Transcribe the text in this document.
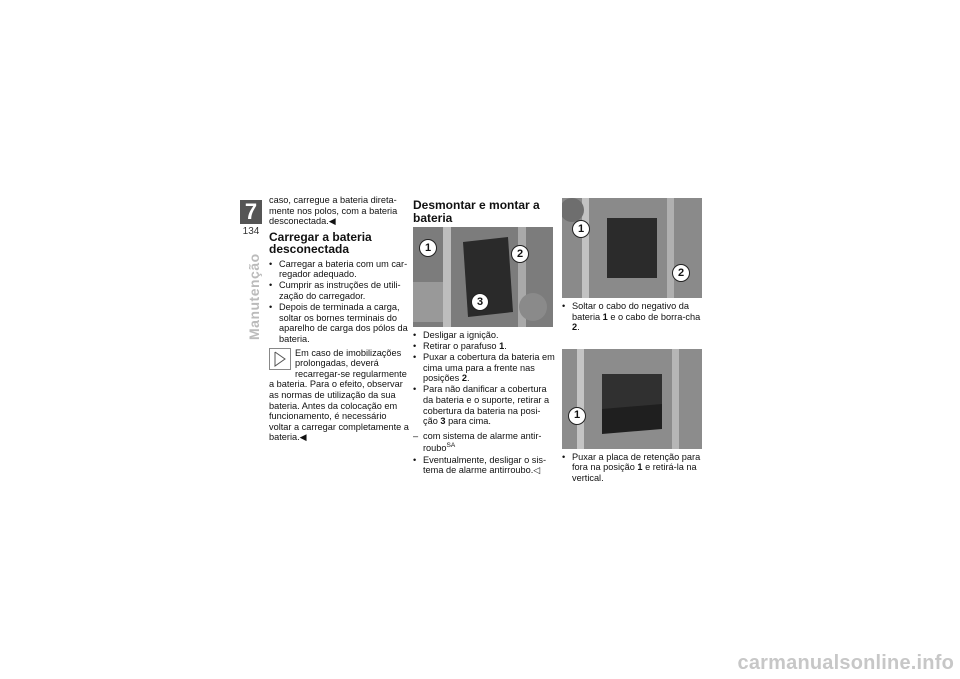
7
134
Manutenção

caso, carregue a bateria direta-mente nos polos, com a bateria desconectada.◀

Carregar a bateria desconectada
• Carregar a bateria com um car-regador adequado.
• Cumprir as instruções de utili-zação do carregador.
• Depois de terminada a carga, soltar os bornes terminais do aparelho de carga dos pólos da bateria.

Em caso de imobilizações prolongadas, deverá recarregar-se regularmente a bateria. Para o efeito, observar as normas de utilização da sua bateria. Antes da colocação em funcionamento, é necessário voltar a carregar completamente a bateria.◀

Desmontar e montar a bateria
1	2
3
• Desligar a ignição.
• Retirar o parafuso 1.
• Puxar a cobertura da bateria em cima uma para a frente nas posições 2.
• Para não danificar a cobertura da bateria e o suporte, retirar a cobertura da bateria na posi-ção 3 para cima.
– com sistema de alarme antir-roubo$^{SA}$
• Eventualmente, desligar o sis-tema de alarme antirroubo.◁
1
2
• Soltar o cabo do negativo da bateria 1 e o cabo de borra-cha 2.
1
• Puxar a placa de retenção para fora na posição 1 e retirá-la na vertical.
carmanualsonline.info
